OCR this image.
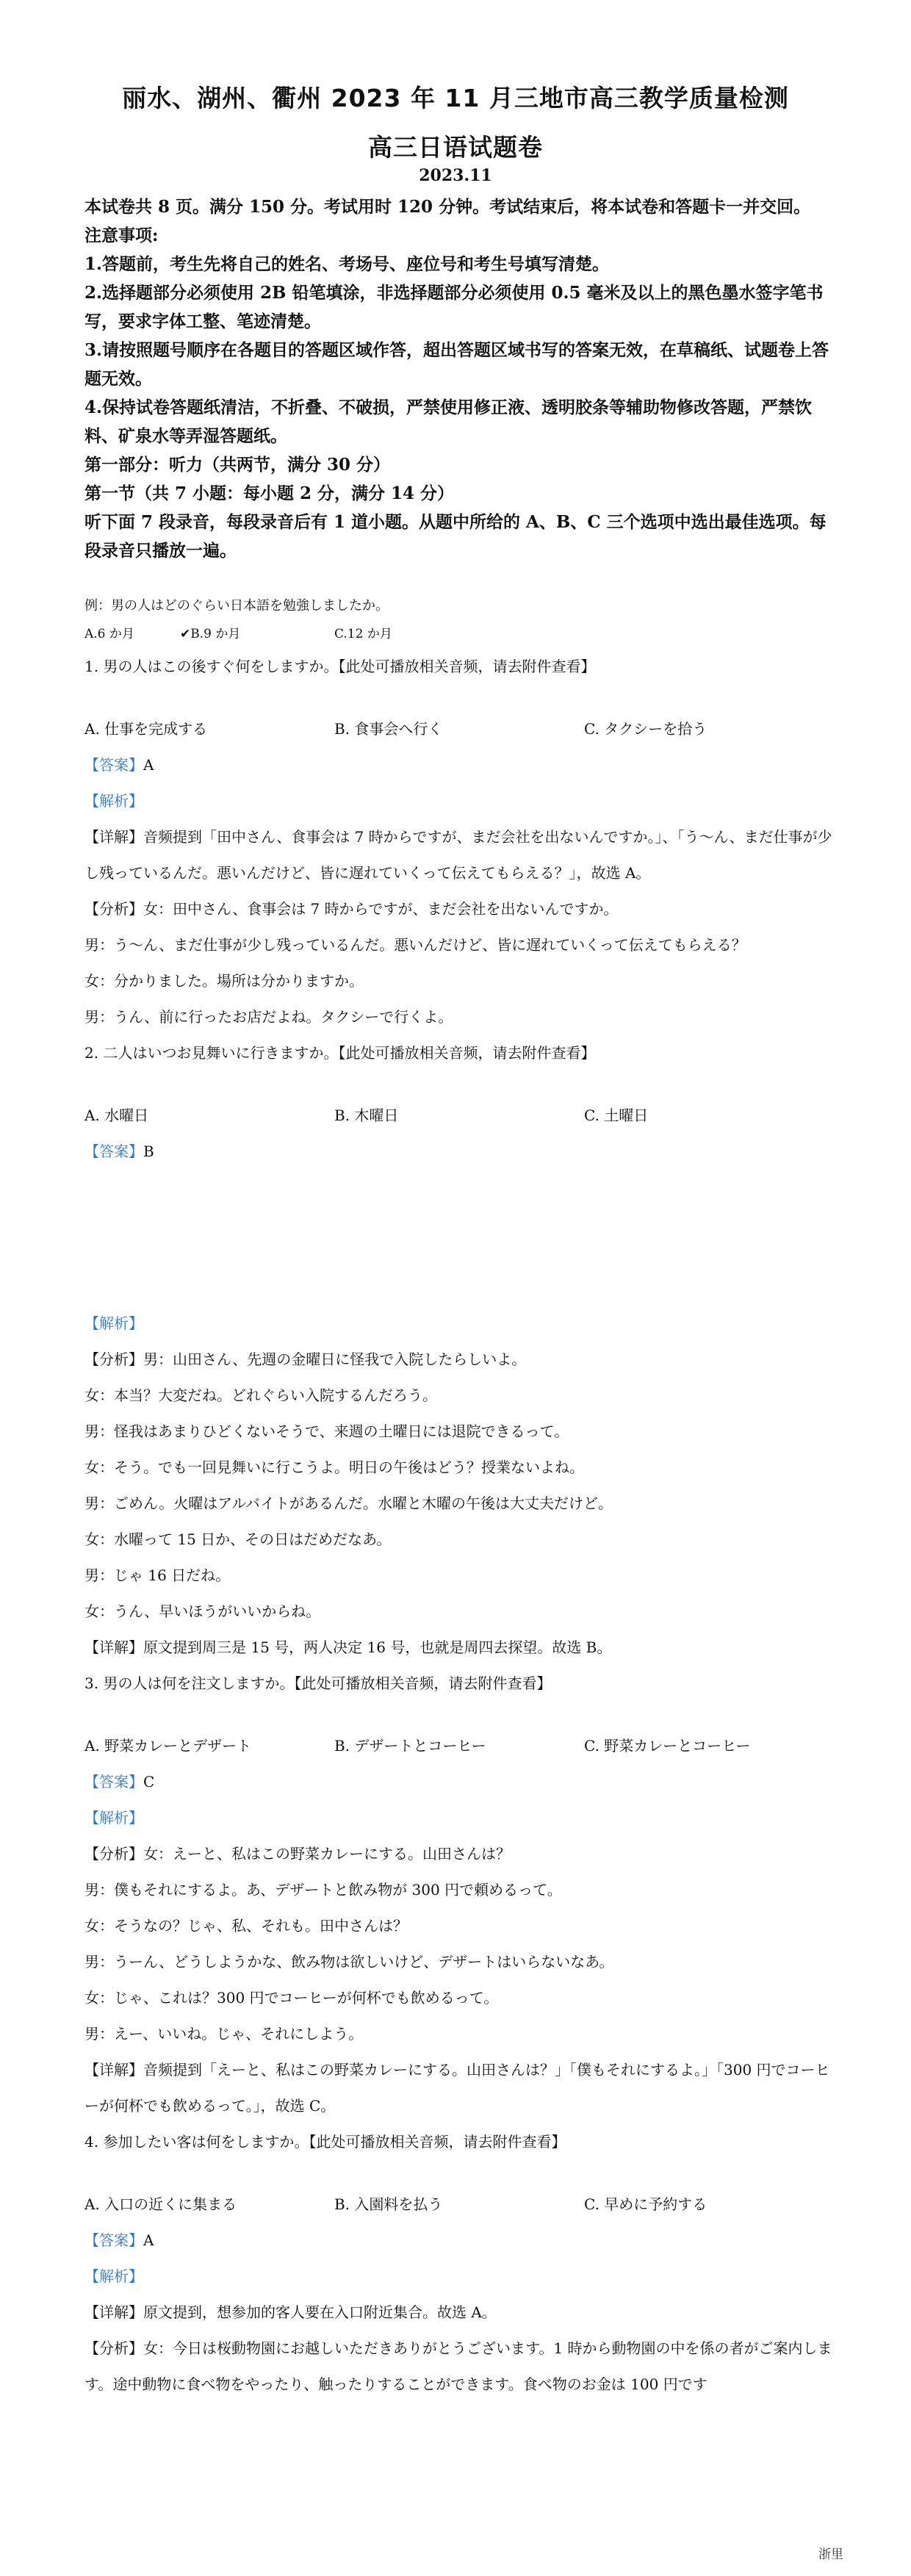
丽水、湖州、衢州 2023 年 11 月三地市高三教学质量检测
高三日语试题卷
2023.11

本试卷共 8 页。满分 150 分。考试用时 120 分钟。考试结束后，将本试卷和答题卡一并交回。

注意事项:

1.答题前，考生先将自己的姓名、考场号、座位号和考生号填写清楚。

2.选择题部分必须使用 2B 铅笔填涂，非选择题部分必须使用 0.5 毫米及以上的黑色墨水签字笔书写，要求字体工整、笔迹清楚。

3.请按照题号顺序在各题目的答题区域作答，超出答题区域书写的答案无效，在草稿纸、试题卷上答题无效。

4.保持试卷答题纸清洁，不折叠、不破损，严禁使用修正液、透明胶条等辅助物修改答题，严禁饮料、矿泉水等弄湿答题纸。

第一部分：听力（共两节，满分 30 分）

第一节（共 7 小题：每小题 2 分，满分 14 分）

听下面 7 段录音，每段录音后有 1 道小题。从题中所给的 A、B、C 三个选项中选出最佳选项。每段录音只播放一遍。

例：男の人はどのぐらい日本語を勉強しましたか。

A.6 か月	✔B.9 か月	C.12 か月

1. 男の人はこの後すぐ何をしますか。【此处可播放相关音频，请去附件查看】

A. 仕事を完成する	B. 食事会へ行く	C. タクシーを拾う

【答案】A

【解析】

【详解】音频提到「田中さん、食事会は 7 時からですが、まだ会社を出ないんですか。」、「う～ん、まだ仕事が少し残っているんだ。悪いんだけど、皆に遅れていくって伝えてもらえる？」，故选 A。

【分析】女：田中さん、食事会は 7 時からですが、まだ会社を出ないんですか。

男：う～ん、まだ仕事が少し残っているんだ。悪いんだけど、皆に遅れていくって伝えてもらえる？

女：分かりました。場所は分かりますか。

男：うん、前に行ったお店だよね。タクシーで行くよ。

2. 二人はいつお見舞いに行きますか。【此处可播放相关音频，请去附件查看】

A. 水曜日	B. 木曜日	C. 土曜日

【答案】B

【解析】

【分析】男：山田さん、先週の金曜日に怪我で入院したらしいよ。

女：本当？大変だね。どれぐらい入院するんだろう。

男：怪我はあまりひどくないそうで、来週の土曜日には退院できるって。

女：そう。でも一回見舞いに行こうよ。明日の午後はどう？授業ないよね。

男：ごめん。火曜はアルバイトがあるんだ。水曜と木曜の午後は大丈夫だけど。

女：水曜って 15 日か、その日はだめだなあ。

男：じゃ 16 日だね。

女：うん、早いほうがいいからね。

【详解】原文提到周三是 15 号，两人决定 16 号，也就是周四去探望。故选 B。

3. 男の人は何を注文しますか。【此处可播放相关音频，请去附件查看】

A. 野菜カレーとデザート	B. デザートとコーヒー	C. 野菜カレーとコーヒー

【答案】C

【解析】

【分析】女：えーと、私はこの野菜カレーにする。山田さんは？

男：僕もそれにするよ。あ、デザートと飲み物が 300 円で頼めるって。

女：そうなの？じゃ、私、それも。田中さんは？

男：うーん、どうしようかな、飲み物は欲しいけど、デザートはいらないなあ。

女：じゃ、これは？300 円でコーヒーが何杯でも飲めるって。

男：えー、いいね。じゃ、それにしよう。

【详解】音频提到「えーと、私はこの野菜カレーにする。山田さんは？」「僕もそれにするよ。」「300 円でコーヒーが何杯でも飲めるって。」，故选 C。

4. 参加したい客は何をしますか。【此处可播放相关音频，请去附件查看】

A. 入口の近くに集まる	B. 入園料を払う	C. 早めに予約する

【答案】A

【解析】

【详解】原文提到，想参加的客人要在入口附近集合。故选 A。

【分析】女：今日は桜動物園にお越しいただきありがとうございます。1 時から動物園の中を係の者がご案内します。途中動物に食べ物をやったり、触ったりすることができます。食べ物のお金は 100 円です

浙里
